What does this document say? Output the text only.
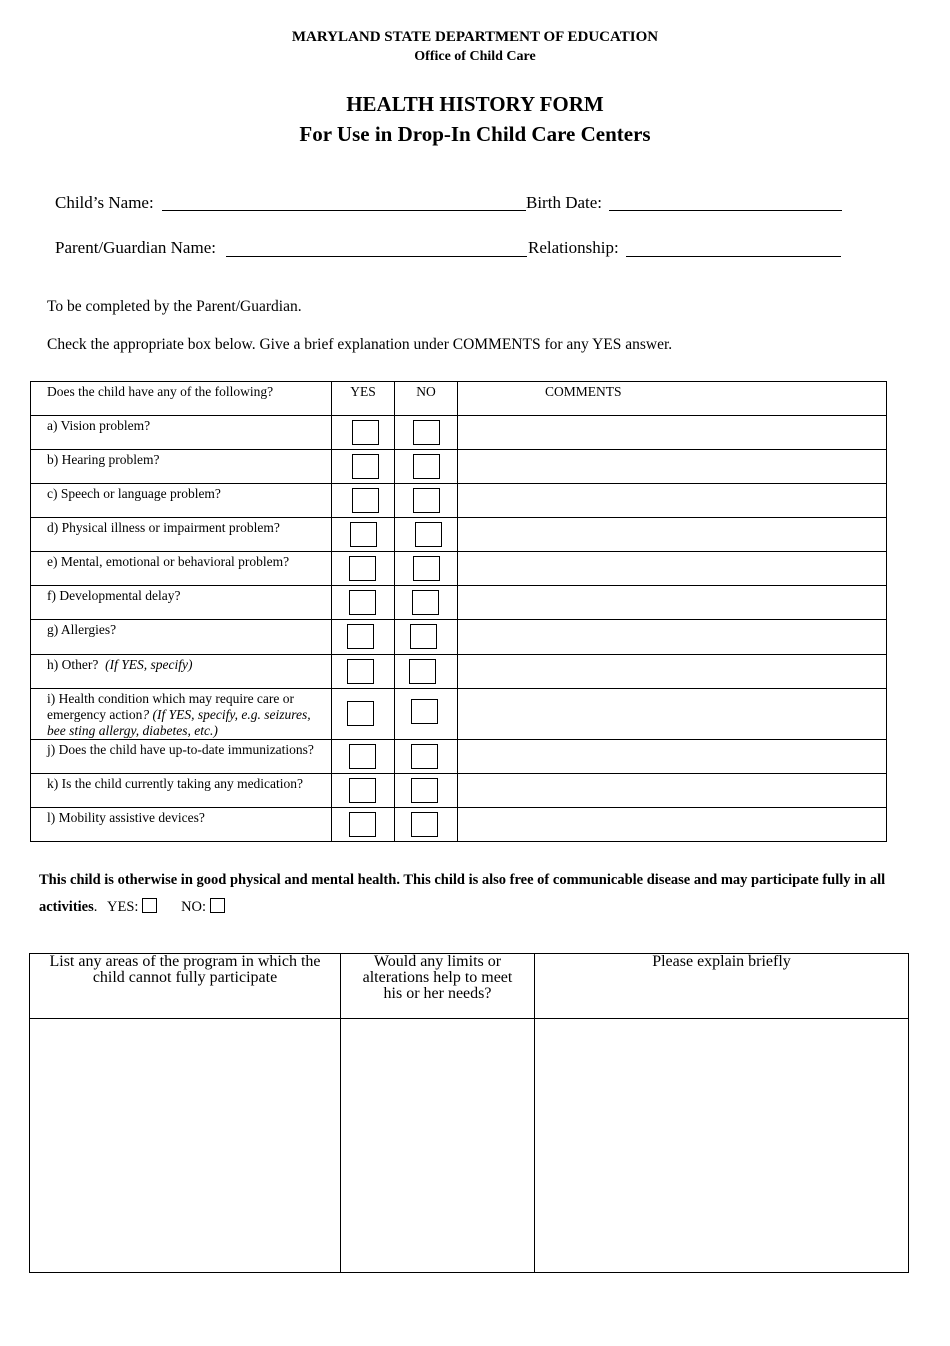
MARYLAND STATE DEPARTMENT OF EDUCATION
Office of Child Care
HEALTH HISTORY FORM
For Use in Drop-In Child Care Centers
Child’s Name:	Birth Date:
Parent/Guardian Name:	Relationship:
To be completed by the Parent/Guardian.
Check the appropriate box below. Give a brief explanation under COMMENTS for any YES answer.
Does the child have any of the following?	YES	NO	COMMENTS
a) Vision problem?	

b) Hearing problem?	

c) Speech or language problem?	

d) Physical illness or impairment problem?	

e) Mental, emotional or behavioral problem?	

f) Developmental delay?	

g) Allergies?	

h) Other? (If YES, specify)	

i) Health condition which may require care or emergency action? (If YES, specify, e.g. seizures, bee sting allergy, diabetes, etc.)	

j) Does the child have up-to-date immunizations?	

k) Is the child currently taking any medication?	

l) Mobility assistive devices?	

This child is otherwise in good physical and mental health. This child is also free of communicable disease and may participate fully in all activities. YES:	NO:
List any areas of the program in which the child cannot fully participate	Would any limits or alterations help to meet his or her needs?	Please explain briefly
